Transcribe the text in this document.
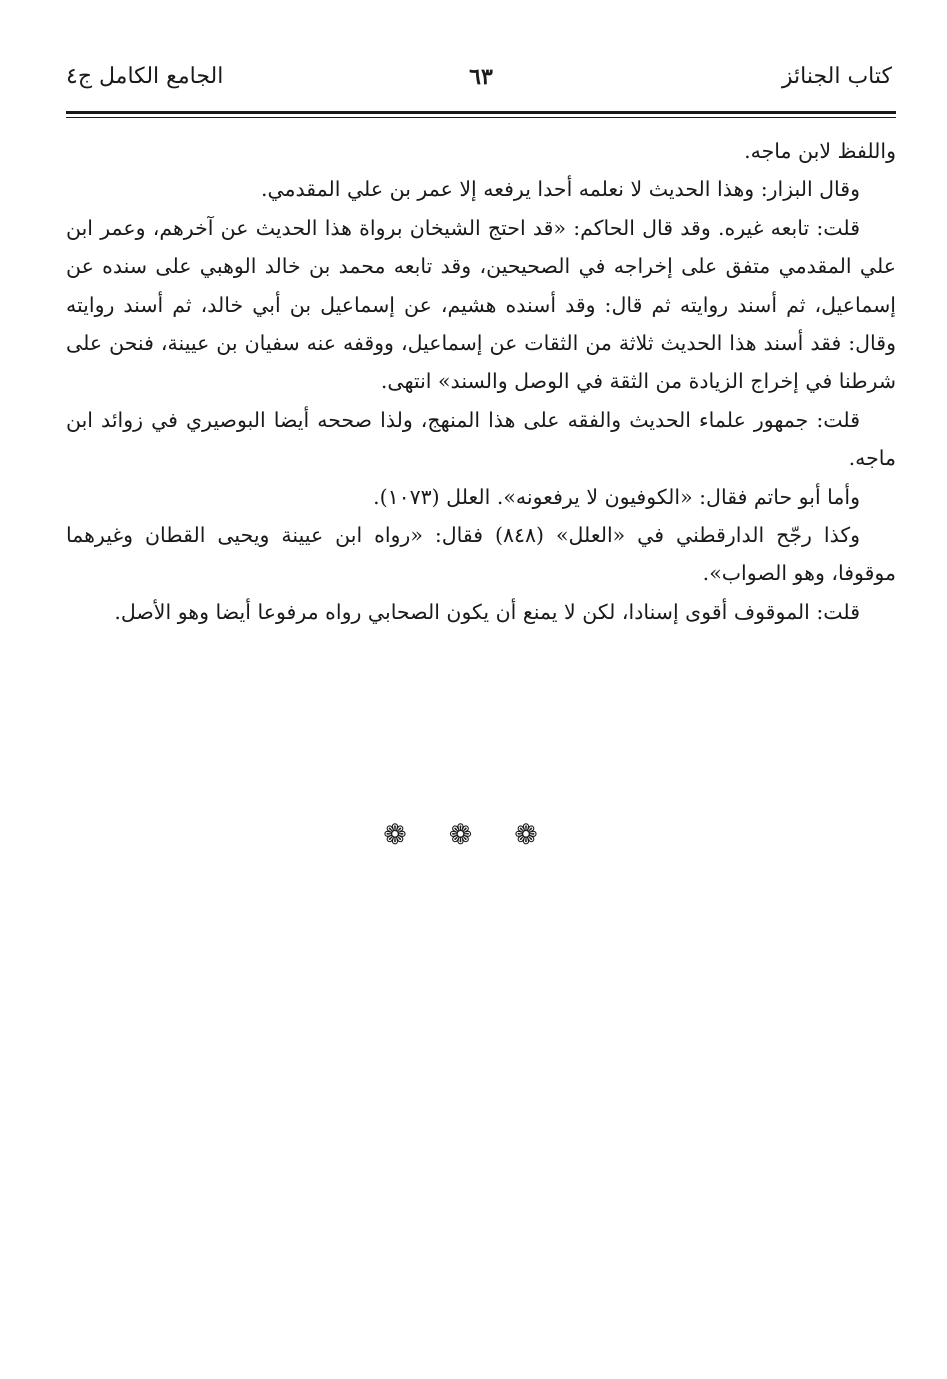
كتاب الجنائز
٦٣
الجامع الكامل ج٤

واللفظ لابن ماجه.

وقال البزار: وهذا الحديث لا نعلمه أحدا يرفعه إلا عمر بن علي المقدمي.

قلت: تابعه غيره. وقد قال الحاكم: «قد احتج الشيخان برواة هذا الحديث عن آخرهم، وعمر ابن علي المقدمي متفق على إخراجه في الصحيحين، وقد تابعه محمد بن خالد الوهبي على سنده عن إسماعيل، ثم أسند روايته ثم قال: وقد أسنده هشيم، عن إسماعيل بن أبي خالد، ثم أسند روايته وقال: فقد أسند هذا الحديث ثلاثة من الثقات عن إسماعيل، ووقفه عنه سفيان بن عيينة، فنحن على شرطنا في إخراج الزيادة من الثقة في الوصل والسند» انتهى.

قلت: جمهور علماء الحديث والفقه على هذا المنهج، ولذا صححه أيضا البوصيري في زوائد ابن ماجه.

وأما أبو حاتم فقال: «الكوفيون لا يرفعونه». العلل (١٠٧٣).

وكذا رجّح الدارقطني في «العلل» (٨٤٨) فقال: «رواه ابن عيينة ويحيى القطان وغيرهما موقوفا، وهو الصواب».

قلت: الموقوف أقوى إسنادا، لكن لا يمنع أن يكون الصحابي رواه مرفوعا أيضا وهو الأصل.

❁ ❁ ❁
